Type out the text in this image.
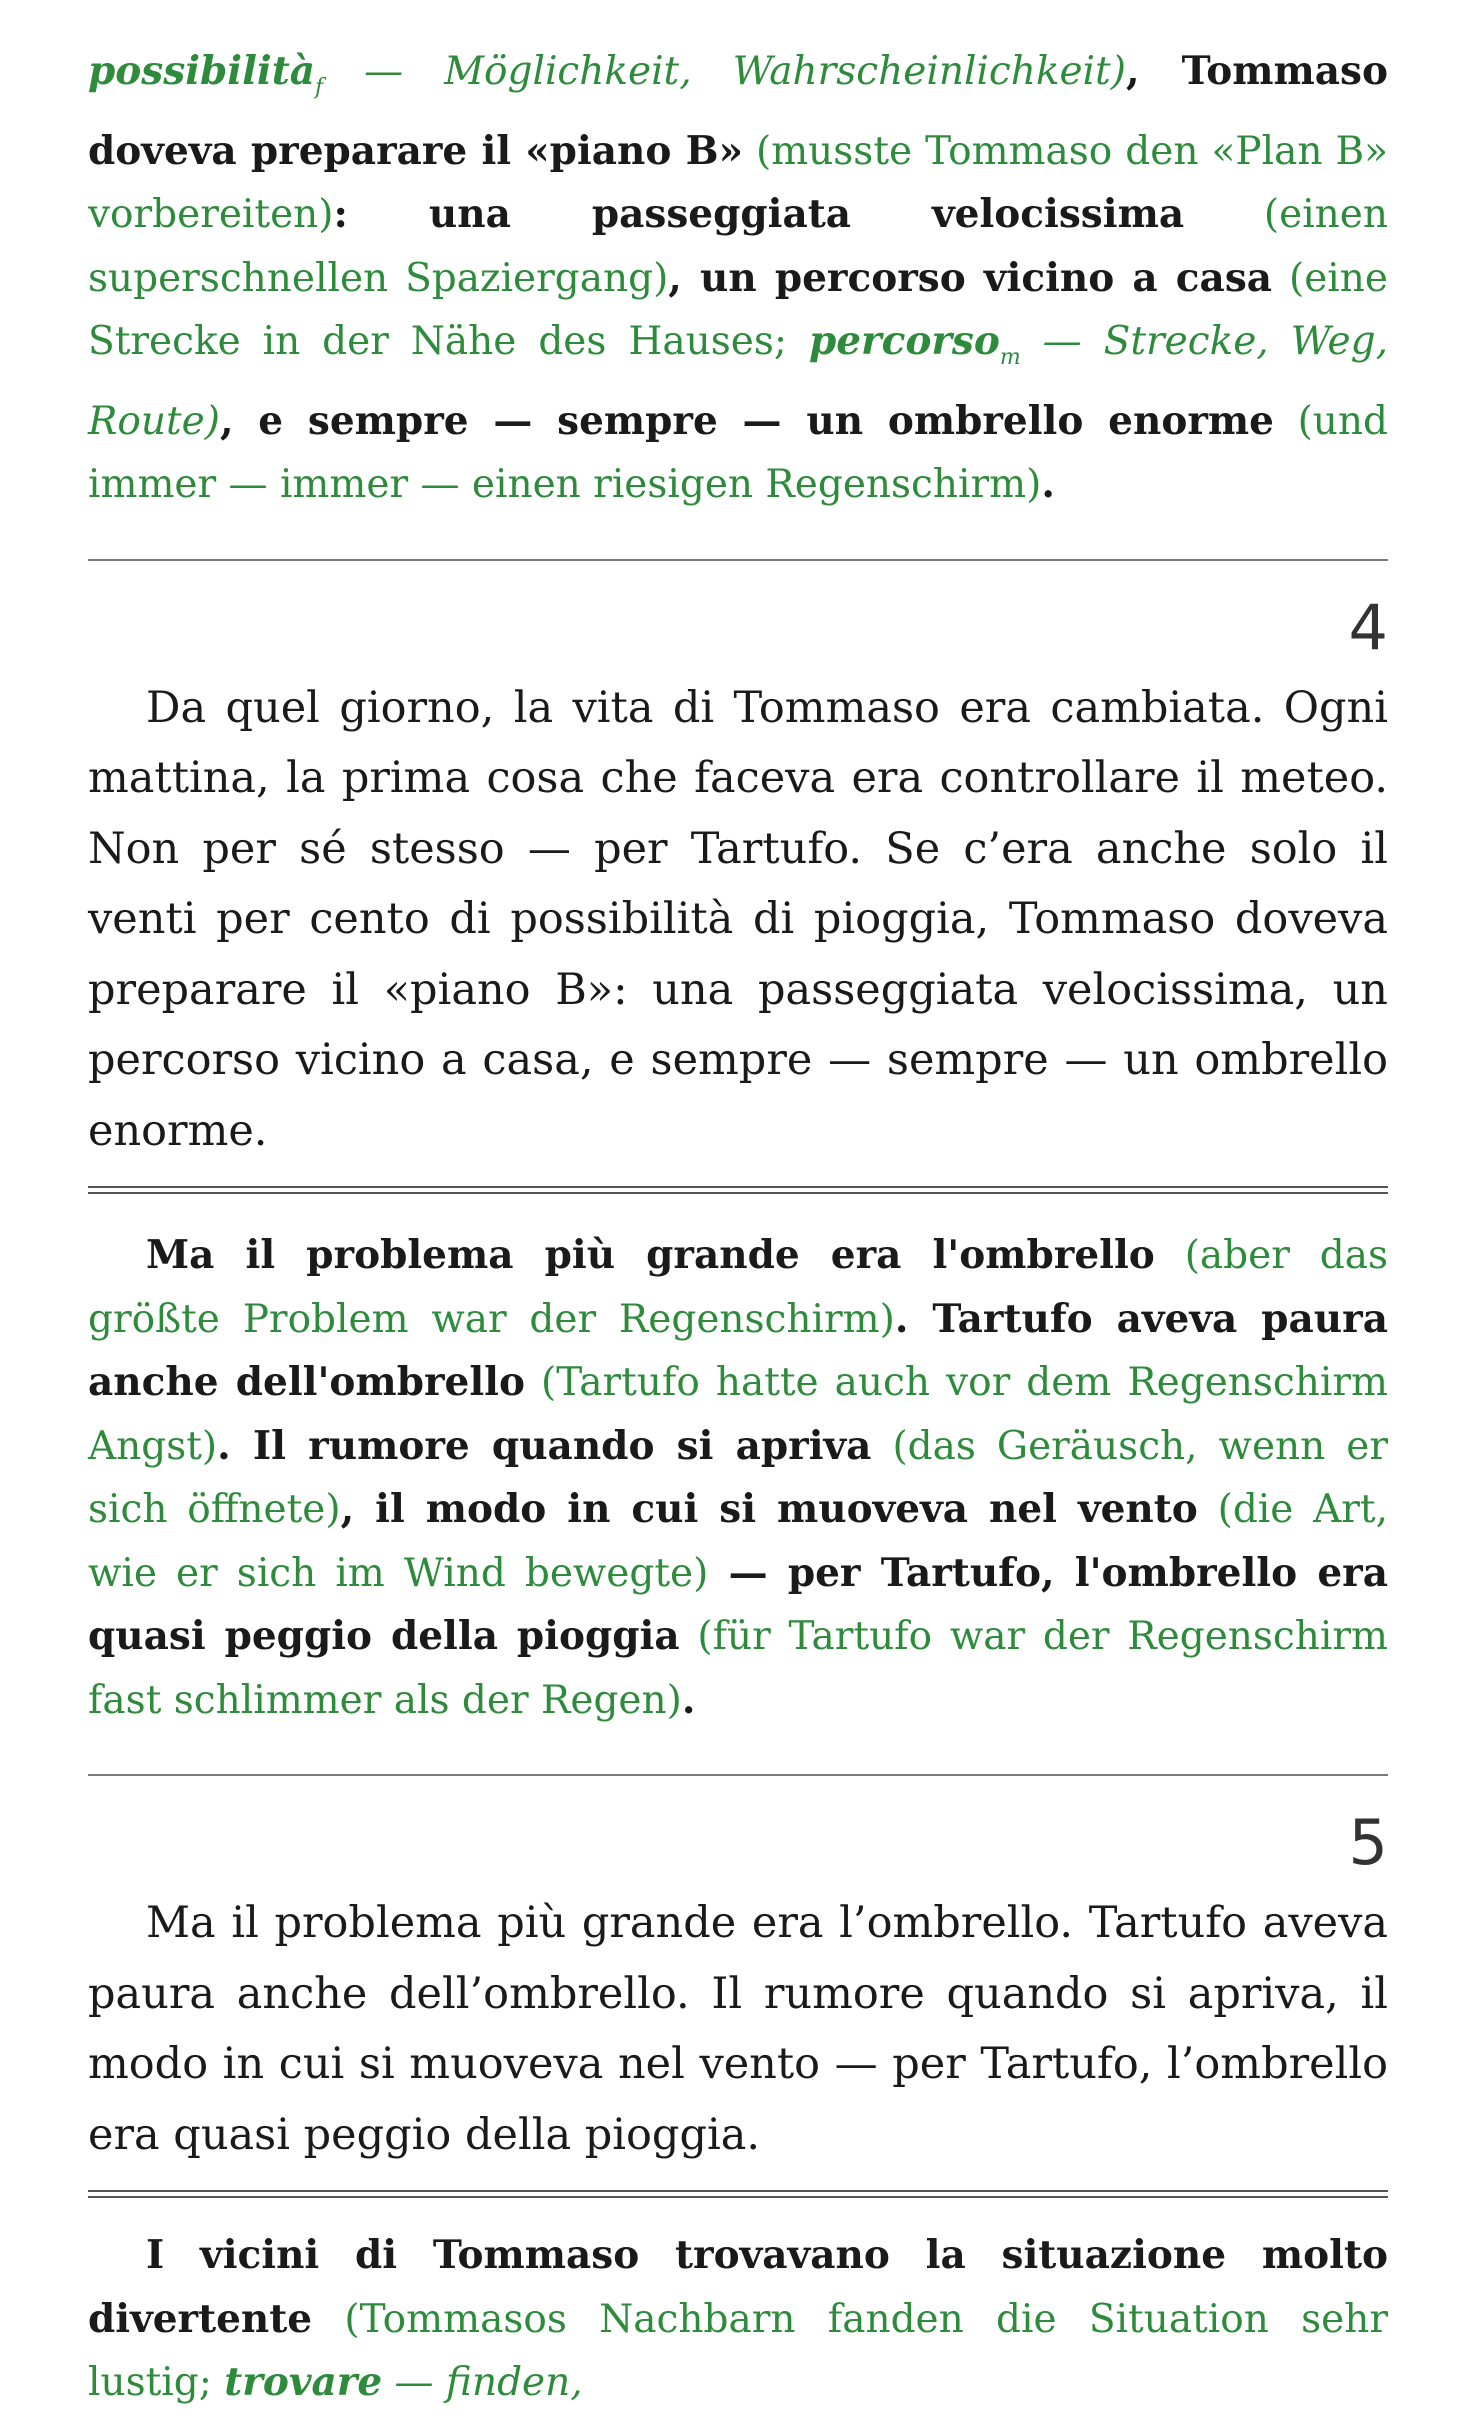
possibilità$_f$ — Möglichkeit, Wahrscheinlichkeit), Tommaso doveva preparare il «piano B» (musste Tommaso den «Plan B» vorbereiten): una passeggiata velocissima (einen superschnellen Spaziergang), un percorso vicino a casa (eine Strecke in der Nähe des Hauses; percorso$_m$ — Strecke, Weg, Route), e sempre — sempre — un ombrello enorme (und immer — immer — einen riesigen Regenschirm).

4

Da quel giorno, la vita di Tommaso era cambiata. Ogni mattina, la prima cosa che faceva era controllare il meteo. Non per sé stesso — per Tartufo. Se c’era anche solo il venti per cento di possibilità di pioggia, Tommaso doveva preparare il «piano B»: una passeggiata velocissima, un percorso vicino a casa, e sempre — sempre — un ombrello enorme.

Ma il problema più grande era l'ombrello (aber das größte Problem war der Regenschirm). Tartufo aveva paura anche dell'ombrello (Tartufo hatte auch vor dem Regenschirm Angst). Il rumore quando si apriva (das Geräusch, wenn er sich öffnete), il modo in cui si muoveva nel vento (die Art, wie er sich im Wind bewegte) — per Tartufo, l'ombrello era quasi peggio della pioggia (für Tartufo war der Regenschirm fast schlimmer als der Regen).

5

Ma il problema più grande era l’ombrello. Tartufo aveva paura anche dell’ombrello. Il rumore quando si apriva, il modo in cui si muoveva nel vento — per Tartufo, l’ombrello era quasi peggio della pioggia.

I vicini di Tommaso trovavano la situazione molto divertente (Tommasos Nachbarn fanden die Situation sehr lustig; trovare — finden,
